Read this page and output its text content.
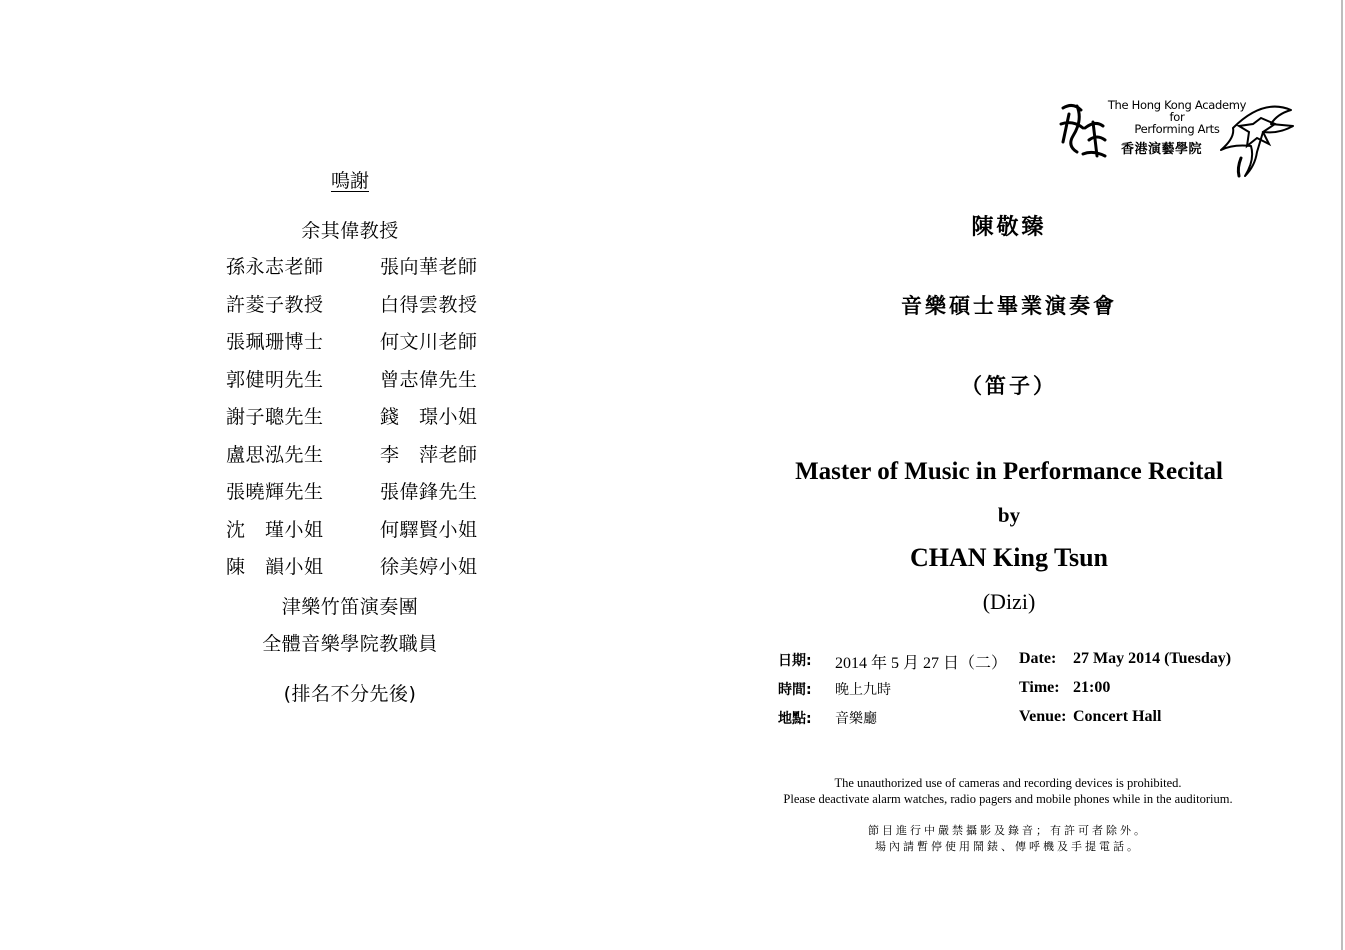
鳴謝
余其偉教授
孫永志老師	張向華老師
許菱子教授	白得雲教授
張珮珊博士	何文川老師
郭健明先生	曾志偉先生
謝子聰先生	錢　璟小姐
盧思泓先生	李　萍老師
張曉輝先生	張偉鋒先生
沈　瑾小姐	何驛賢小姐
陳　韻小姐	徐美婷小姐
津樂竹笛演奏團
全體音樂學院教職員
(排名不分先後)
The Hong Kong Academy
for
Performing Arts
香港演藝學院
陳敬臻
音樂碩士畢業演奏會
（笛子）
Master of Music in Performance Recital
by
CHAN King Tsun
(Dizi)
日期: 2014 年 5 月 27 日（二） Date: 27 May 2014 (Tuesday)
時間: 晚上九時	Time: 21:00
地點: 音樂廳	Venue: Concert Hall
The unauthorized use of cameras and recording devices is prohibited.
Please deactivate alarm watches, radio pagers and mobile phones while in the auditorium.
節目進行中嚴禁攝影及錄音；有許可者除外。
場內請暫停使用鬧錶、傳呼機及手提電話。
